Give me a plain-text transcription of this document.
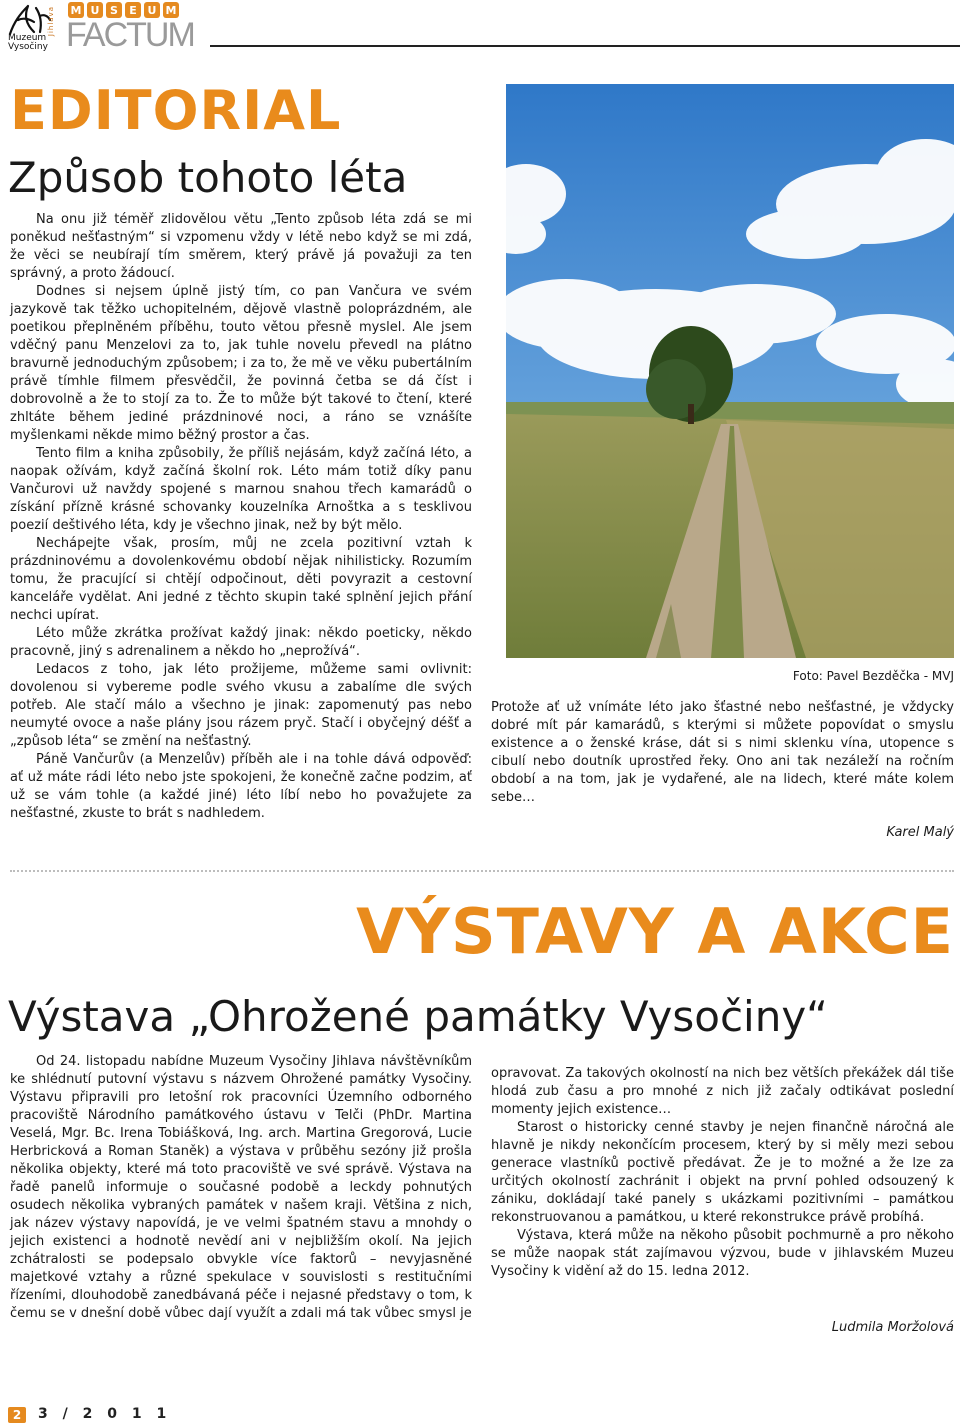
Muzeum
Vysočiny
Jihlava M U S	E U M
FACTUM
EDITORIAL
Způsob tohoto léta

Na onu již téměř zlidovělou větu „Tento způsob léta zdá se mi poněkud nešťastným“ si vzpomenu vždy v létě nebo když se mi zdá, že věci se neubírají tím směrem, který právě já považuji za ten správný, a proto žádoucí.

Dodnes si nejsem úplně jistý tím, co pan Vančura ve svém jazykově tak těžko uchopitelném, dějově vlastně poloprázdném, ale poetikou přeplněném příběhu, touto větou přesně myslel. Ale jsem vděčný panu Menzelovi za to, jak tuhle novelu převedl na plátno bravurně jednoduchým způsobem; i za to, že mě ve věku pubertálním právě tímhle filmem přesvědčil, že povinná četba se dá číst i dobrovolně a že to stojí za to. Že to může být takové to čtení, které zhltáte během jediné prázdninové noci, a ráno se vznášíte myšlenkami někde mimo běžný prostor a čas.

Tento film a kniha způsobily, že příliš nejásám, když začíná léto, a naopak ožívám, když začíná školní rok. Léto mám totiž díky panu Vančurovi už navždy spojené s marnou snahou třech kamarádů o získání přízně krásné schovanky kouzelníka Arnoštka a s tesklivou poezií deštivého léta, kdy je všechno jinak, než by být mělo.

Nechápejte však, prosím, můj ne zcela pozitivní vztah k prázdninovému a dovolenkovému období nějak nihilisticky. Rozumím tomu, že pracující si chtějí odpočinout, děti povyrazit a cestovní kanceláře vydělat. Ani jedné z těchto skupin také splnění jejich přání nechci upírat.

Léto může zkrátka prožívat každý jinak: někdo poeticky, někdo pracovně, jiný s adrenalinem a někdo ho „neprožívá“.

Ledacos z toho, jak léto prožijeme, můžeme sami ovlivnit: dovolenou si vybereme podle svého vkusu a zabalíme dle svých potřeb. Ale stačí málo a všechno je jinak: zapomenutý pas nebo neumyté ovoce a naše plány jsou rázem pryč. Stačí i obyčejný déšť a „způsob léta“ se změní na nešťastný.

Páně Vančurův (a Menzelův) příběh ale i na tohle dává odpověď: ať už máte rádi léto nebo jste spokojeni, že konečně začne podzim, ať už se vám tohle (a každé jiné) léto líbí nebo ho považujete za nešťastné, zkuste to brát s nadhledem.

Foto: Pavel Bezděčka - MVJ

Protože ať už vnímáte léto jako šťastné nebo nešťastné, je vždycky dobré mít pár kamarádů, s kterými si můžete popovídat o smyslu existence a o ženské kráse, dát si s nimi sklenku vína, utopence s cibulí nebo doutník uprostřed řeky. Ono ani tak nezáleží na ročním období a na tom, jak je vydařené, ale na lidech, které máte kolem sebe…

Karel Malý
VÝSTAVY A AKCE
Výstava „Ohrožené památky Vysočiny“

Od 24. listopadu nabídne Muzeum Vysočiny Jihlava návštěvníkům ke shlédnutí putovní výstavu s názvem Ohrožené památky Vysočiny. Výstavu připravili pro letošní rok pracovníci Územního odborného pracoviště Národního památkového ústavu v Telči (PhDr. Martina Veselá, Mgr. Bc. Irena Tobiášková, Ing. arch. Martina Gregorová, Lucie Herbricková a Roman Staněk) a výstava v průběhu sezóny již prošla několika objekty, které má toto pracoviště ve své správě. Výstava na řadě panelů informuje o současné podobě a leckdy pohnutých osudech několika vybraných památek v našem kraji. Většina z nich, jak název výstavy napovídá, je ve velmi špatném stavu a mnohdy o jejich existenci a hodnotě nevědí ani v nejbližším okolí. Na jejich zchátralosti se podepsalo obvykle více faktorů – nevyjasněné majetkové vztahy a různé spekulace v souvislosti s restitučními řízeními, dlouhodobě zanedbávaná péče i nejasné představy o tom, k čemu se v dnešní době vůbec dají využít a zdali má tak vůbec smysl je

opravovat. Za takových okolností na nich bez větších překážek dál tiše hlodá zub času a pro mnohé z nich již začaly odtikávat poslední momenty jejich existence…

Starost o historicky cenné stavby je nejen finančně náročná ale hlavně je nikdy nekončícím procesem, který by si měly mezi sebou generace vlastníků poctivě předávat. Že je to možné a že lze za určitých okolností zachránit i objekt na první pohled odsouzený k zániku, dokládají také panely s ukázkami pozitivními – památkou rekonstruovanou a památkou, u které rekonstrukce právě probíhá.

Výstava, která může na někoho působit pochmurně a pro někoho se může naopak stát zajímavou výzvou, bude v jihlavském Muzeu Vysočiny k vidění až do 15. ledna 2012.

Ludmila Moržolová
2	3 / 2 0 1 1
